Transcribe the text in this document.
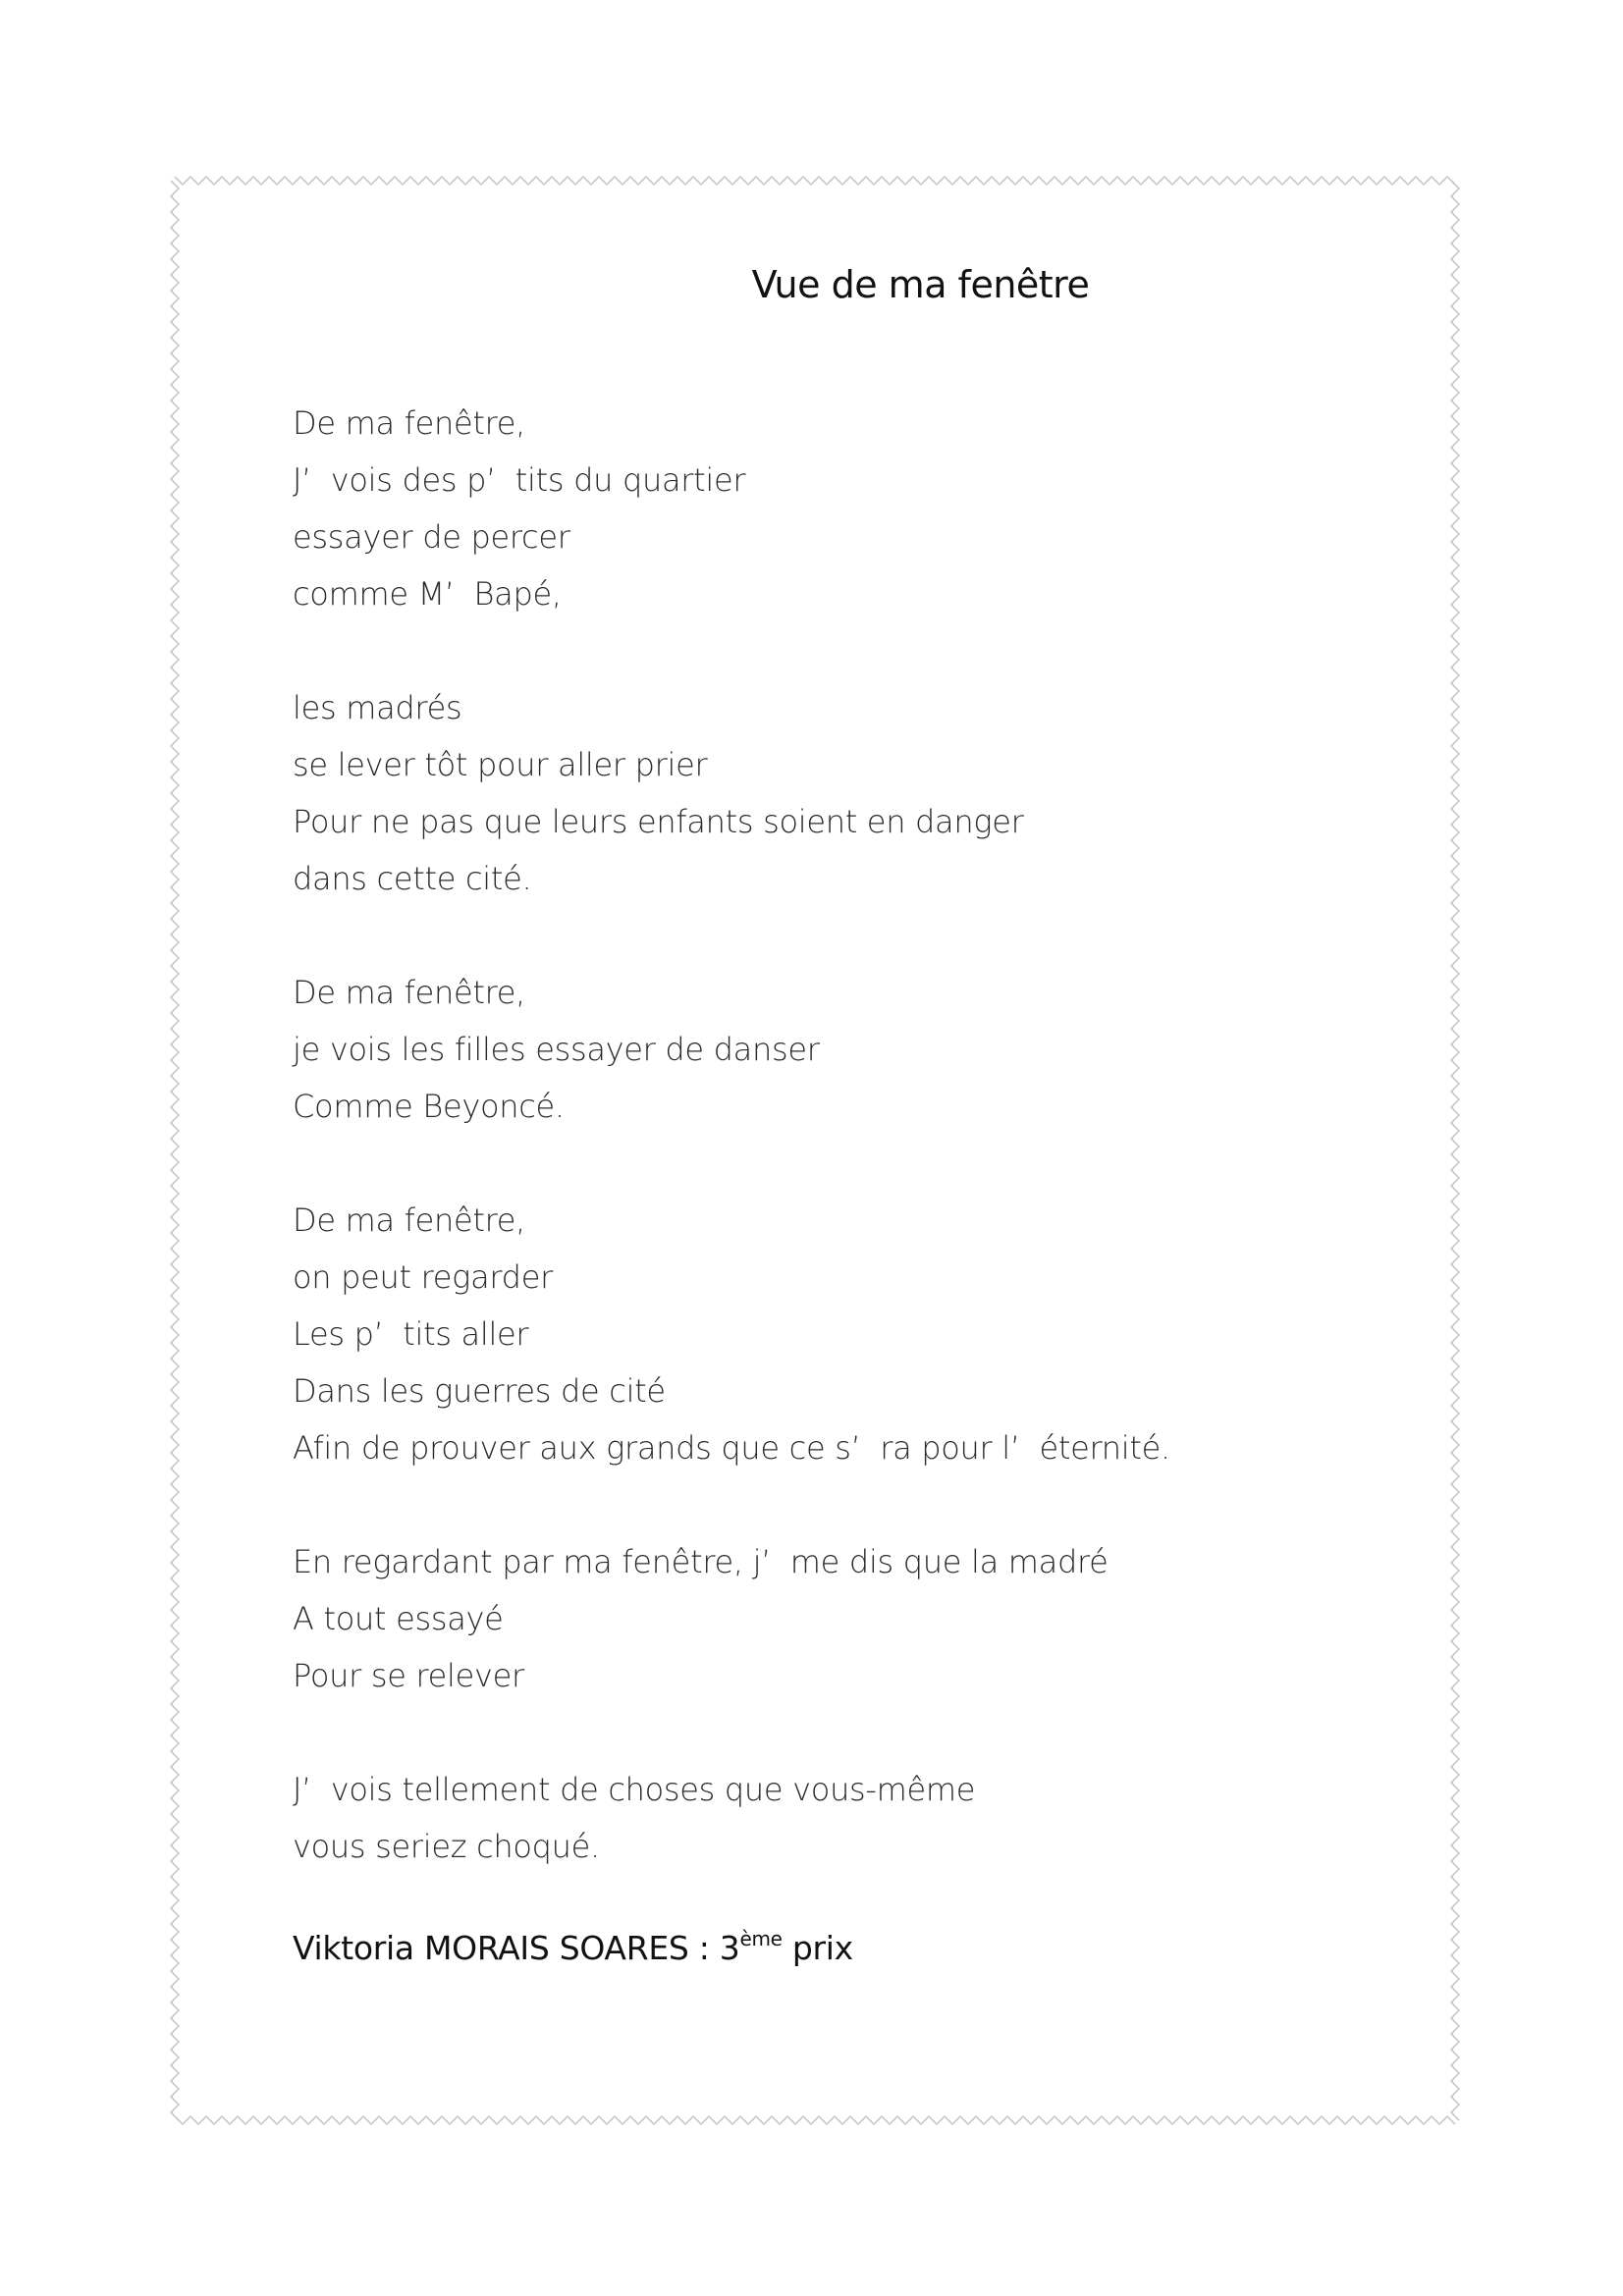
Vue de ma fenêtre
De ma fenêtre,
J’  vois des p’  tits du quartier
essayer de percer
comme M’  Bapé,
les madrés
se lever tôt pour aller prier
Pour ne pas que leurs enfants soient en danger
dans cette cité.
De ma fenêtre,
je vois les filles essayer de danser
Comme Beyoncé.
De ma fenêtre,
on peut regarder
Les p’  tits aller
Dans les guerres de cité
Afin de prouver aux grands que ce s’  ra pour l’  éternité.
En regardant par ma fenêtre, j’  me dis que la madré
A tout essayé
Pour se relever
J’  vois tellement de choses que vous-même
vous seriez choqué.
Viktoria MORAIS SOARES : 3ème prix
